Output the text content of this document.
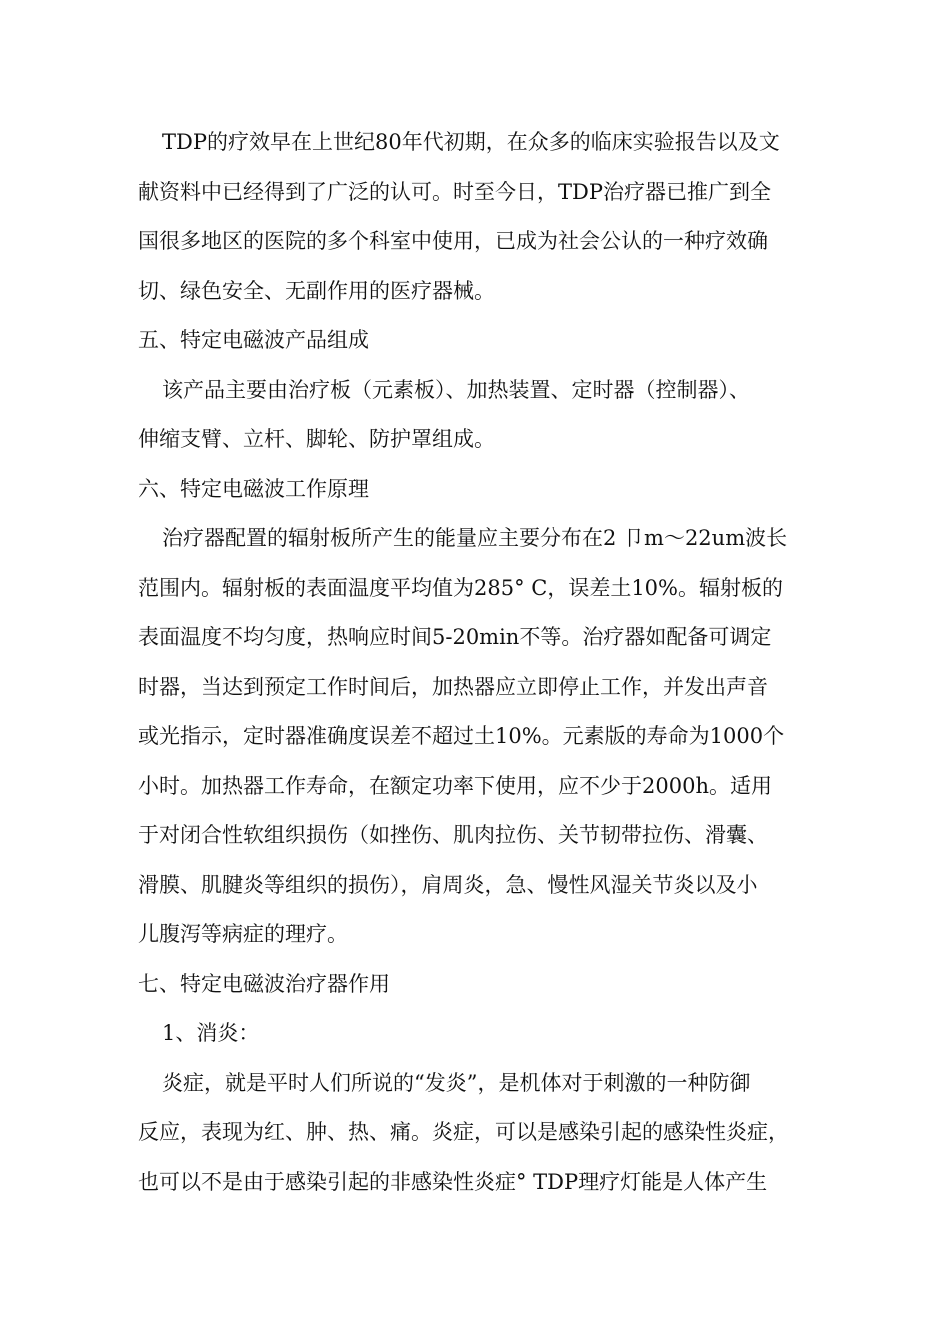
TDP的疗效早在上世纪80年代初期，在众多的临床实验报告以及文
献资料中已经得到了广泛的认可。时至今日，TDP治疗器已推广到全
国很多地区的医院的多个科室中使用，已成为社会公认的一种疗效确
切、绿色安全、无副作用的医疗器械。
五、特定电磁波产品组成
该产品主要由治疗板（元素板）、加热装置、定时器（控制器）、
伸缩支臂、立杆、脚轮、防护罩组成。
六、特定电磁波工作原理
治疗器配置的辐射板所产生的能量应主要分布在2 卩m〜22um波长
范围内。辐射板的表面温度平均值为285° C，误差土10%。辐射板的
表面温度不均匀度，热响应时间5-20min不等。治疗器如配备可调定
时器，当达到预定工作时间后，加热器应立即停止工作，并发出声音
或光指示，定时器准确度误差不超过土10%。元素版的寿命为1000个
小时。加热器工作寿命，在额定功率下使用，应不少于2000h。适用
于对闭合性软组织损伤（如挫伤、肌肉拉伤、关节韧带拉伤、滑囊、
滑膜、肌腱炎等组织的损伤），肩周炎，急、慢性风湿关节炎以及小
儿腹泻等病症的理疗。
七、特定电磁波治疗器作用
1、消炎：
炎症，就是平时人们所说的“发炎”，是机体对于刺激的一种防御
反应，表现为红、肿、热、痛。炎症，可以是感染引起的感染性炎症，
也可以不是由于感染引起的非感染性炎症° TDP理疗灯能是人体产生
